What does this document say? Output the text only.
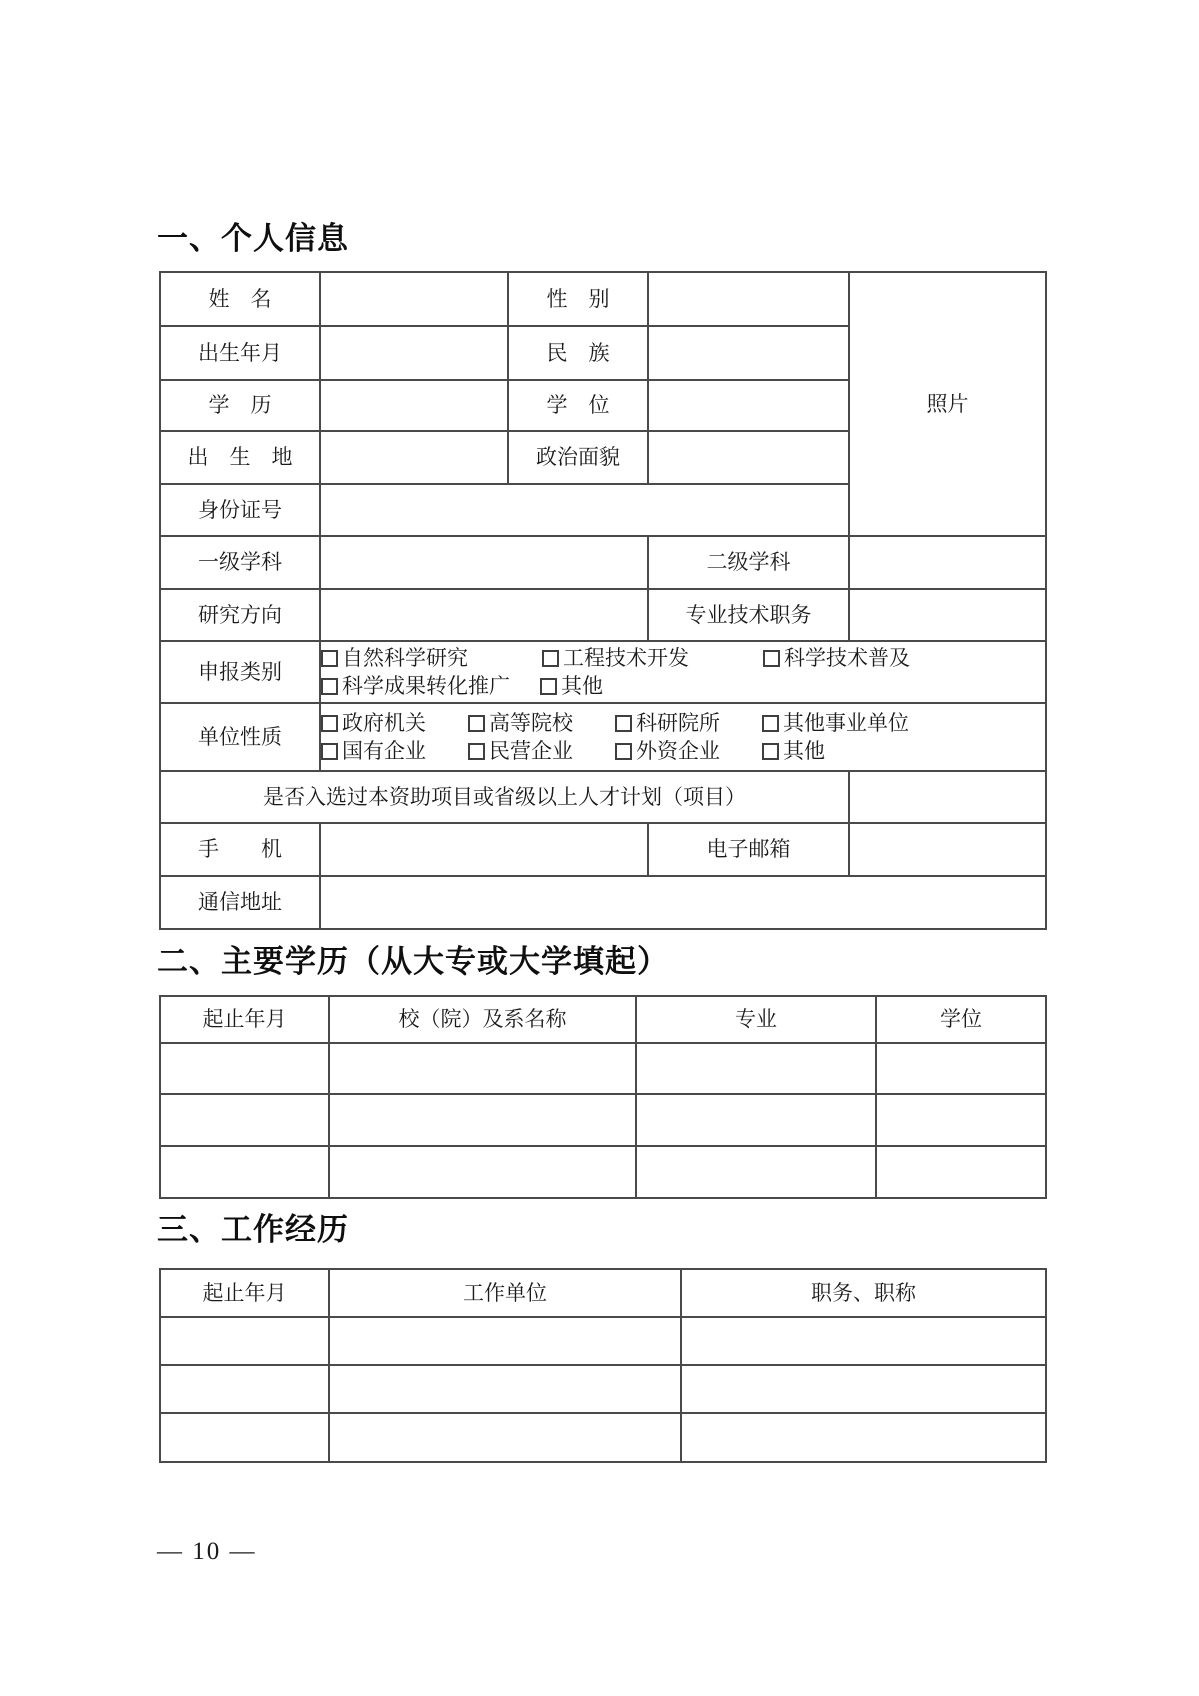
一、个人信息
姓　名		性　别		照片
出生年月		民　族		
学　历		学　位		
出　生　地		政治面貌		
身份证号				
一级学科			二级学科	
研究方向			专业技术职务	
申报类别	自然科学研究 工程技术开发 科学技术普及
科学成果转化推广 其他			

单位性质	
政府机关	高等院校	科研院所	其他事业单位
国有企业	民营企业	外资企业	其他

是否入选过本资助项目或省级以上人才计划（项目）				
手　　机			电子邮箱	
通信地址				
二、主要学历（从大专或大学填起）
起止年月	校（院）及系名称	专业	学位

三、工作经历
起止年月	工作单位	职务、职称

— 10 —
